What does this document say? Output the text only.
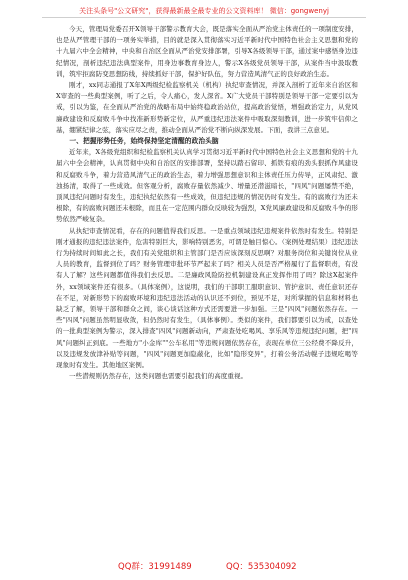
关注头条号"公文研究"，获得最新最全最专业的公文资料库！ 微信：gongwenyj

今天，管理局党委召开X领导干部警示教育大会，既是落实全面从严治党主体责任的一项制度安排，也是从严管理干部的一项务实举措，目的就是深入贯彻落实习近平新时代中国特色社会主义思想和党的十九届六中全会精神，中央和自治区全面从严治党安排部署，引导X各级领导干部，通过案中感悟身边违纪情况，剖析违纪违法典型案件，用身边事教育身边人，警示X各级党员领导干部，从案件当中汲取教训，筑牢拒腐防变思想防线，持续抓好干部，保护好队伍，努力营造风清气正的良好政治生态。

刚才，xx同志通报了X年X两级纪检监察机关（机构）执纪审查情况，并深入剖析了近年来自治区和X审查的一些典型案例，听了之后，令人痛心，发人深省。X广大党员干部特别是领导干部一定要引以为戒，引以为鉴，在全面从严治党的战略布局中始终稳政治站位，提高政治觉悟，增强政治定力，从党风廉政建设和反腐败斗争中找准新形势新定位，从严重违纪违法案件中吸取深刻教训，进一步筑牢信仰之基，绷紧纪律之弦，落实应尽之责，推动全面从严治党不断向纵深发展。下面，我讲三点意见。

一、把握形势任务，始终保持坚定清醒的政治头脑

近年来，X各级党组织和纪检监察机关认真学习贯彻习近平新时代中国特色社会主义思想和党的十九届六中全会精神，认真贯彻中央和自治区的安排部署，坚持以踏石留印、抓铁有痕的劲头狠抓作风建设和反腐败斗争，着力营造风清气正的政治生态，着力增强思想意识和主体责任压力传导，正风肃纪、激浊扬清，取得了一些成效。但客观分析，腐败存量依然减少、增量还潜滋暗长，"四风"问题屡禁不绝，顶风违纪问题时有发生，违纪执纪依然有一些成效，但违纪违规的情况仍时有发生。有的腐败行为还未根除，有的腐败问题还未根除，而且在一定范围内群众反映较为强烈，X党风廉政建设和反腐败斗争的形势依然严峻复杂。

从执纪审查情况看，存在的问题值得我们反思。一是重点领域违纪违规案件依然时有发生。特别是刚才通报的违纪违法案件，危害特别巨大，影响特别恶劣，可谓是触目惊心。（案例处理结果）违纪违法行为持续时间如此之长，我们有关党组织和主管部门是否应该深刻反思啊？对服务岗位和关键岗位从业人员的教育，监督到位了吗？财务管理审批环节严起来了吗？相关人员是否严格履行了监督职责，有没有人了解？这些问题都值得我们去反思。二是廉政风险防控机制建设真正发挥作用了吗？除这X起案件外，xx领域案件还有很多。（具体案例），这说明，我们的干部职工服职意识、管护意识、责任意识还存在不足，对新形势下的腐败环境和违纪违法活动的认识还不到位，预见不足，对所掌握的信息和材料也缺乏了解，领导干部和群众之间，谈心谈话这种方式还需要进一步加强。三是"四风"问题依然存在。一些"四风"问题虽然明显收敛，但仍然时有发生，（具体事例）。类似的案件，我们都要引以为戒，以查处的一批典型案例为警示，深入排查"四风"问题新动向，严肃查处吃喝风、享乐风等违规违纪问题，把"四风"问题纠正到底。一些地方"小金库""公车私用"等违规问题依然存在，表现在单位三公经费不降反升，以及违规发放津补贴等问题，"四风"问题更加隐蔽化，比如"隐形变异"，打着公务活动幌子违规吃喝等现象时有发生。其他地区案例。

一些潜规则仍然存在，这类问题也需要引起我们的高度重视。

QQ群：31991489	QQ：535304092
